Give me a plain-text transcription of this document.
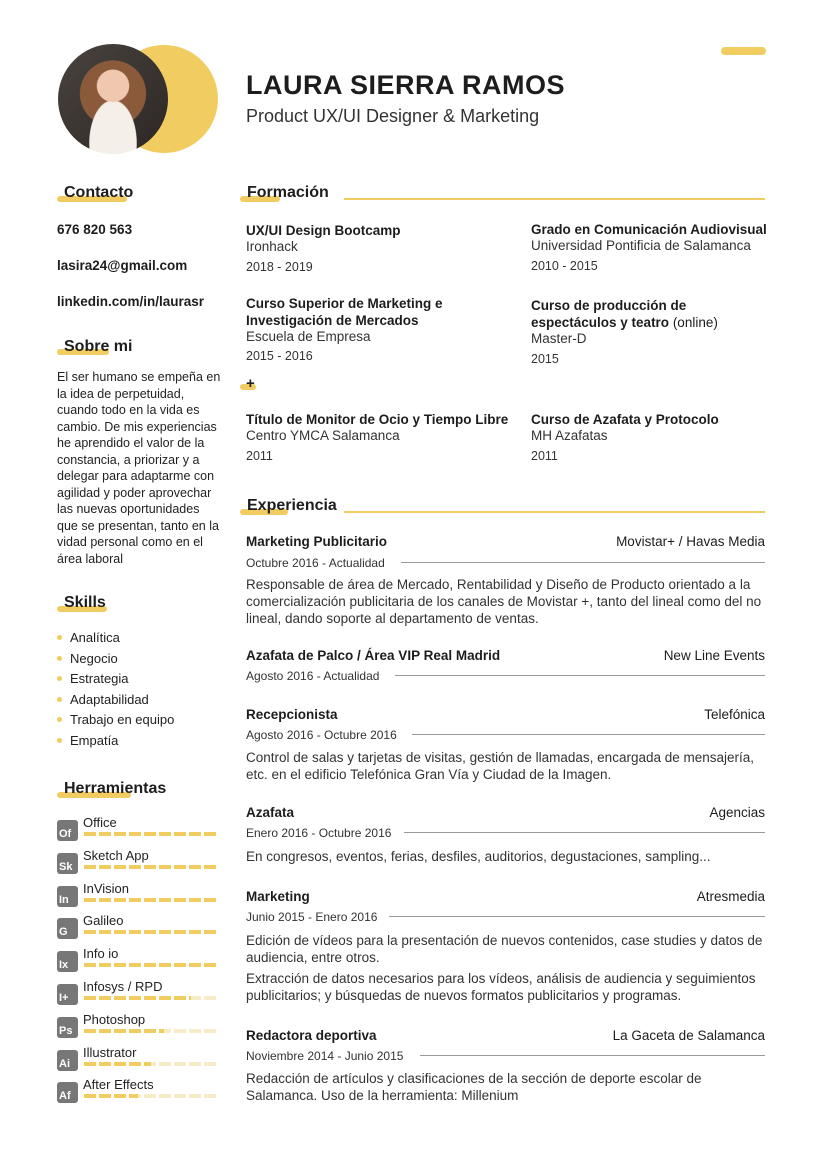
LAURA SIERRA RAMOS
Product UX/UI Designer & Marketing
Contacto
676 820 563
lasira24@gmail.com
linkedin.com/in/laurasr
Sobre mi
El ser humano se empeña en la idea de perpetuidad, cuando todo en la vida es cambio. De mis experiencias he aprendido el valor de la constancia, a priorizar y a delegar para adaptarme con agilidad y poder aprovechar las nuevas oportunidades que se presentan, tanto en la vidad personal como en el área laboral
Skills
Analítica
Negocio
Estrategia
Adaptabilidad
Trabajo en equipo
Empatía
Herramientas
Of
Office
Sk
Sketch App
In
InVision
G
Galileo
Ix
Info io
I+
Infosys / RPD
Ps
Photoshop
Ai
Illustrator
Af
After Effects
Formación
UX/UI Design Bootcamp
Ironhack
2018 - 2019
Grado en Comunicación Audiovisual
Universidad Pontificia de Salamanca
2010 - 2015
Curso Superior de Marketing e Investigación de Mercados
Escuela de Empresa
2015 - 2016
Curso de producción de espectáculos y teatro (online)
Master-D
2015
+
Título de Monitor de Ocio y Tiempo Libre
Centro YMCA Salamanca
2011
Curso de Azafata y Protocolo
MH Azafatas
2011
Experiencia
Marketing Publicitario	Movistar+ / Havas Media
Octubre 2016 - Actualidad
Responsable de área de Mercado, Rentabilidad y Diseño de Producto orientado a la comercialización publicitaria de los canales de Movistar +, tanto del lineal como del no lineal, dando soporte al departamento de ventas.
Azafata de Palco / Área VIP Real Madrid	New Line Events
Agosto 2016 - Actualidad
Recepcionista	Telefónica
Agosto 2016 - Octubre 2016
Control de salas y tarjetas de visitas, gestión de llamadas, encargada de mensajería, etc. en el edificio Telefónica Gran Vía y Ciudad de la Imagen.
Azafata	Agencias
Enero 2016 - Octubre 2016
En congresos, eventos, ferias, desfiles, auditorios, degustaciones, sampling...
Marketing	Atresmedia
Junio 2015 - Enero 2016
Edición de vídeos para la presentación de nuevos contenidos, case studies y datos de audiencia, entre otros.
Extracción de datos necesarios para los vídeos, análisis de audiencia y seguimientos publicitarios; y búsquedas de nuevos formatos publicitarios y programas.
Redactora deportiva	La Gaceta de Salamanca
Noviembre 2014 - Junio 2015
Redacción de artículos y clasificaciones de la sección de deporte escolar de Salamanca. Uso de la herramienta: Millenium
